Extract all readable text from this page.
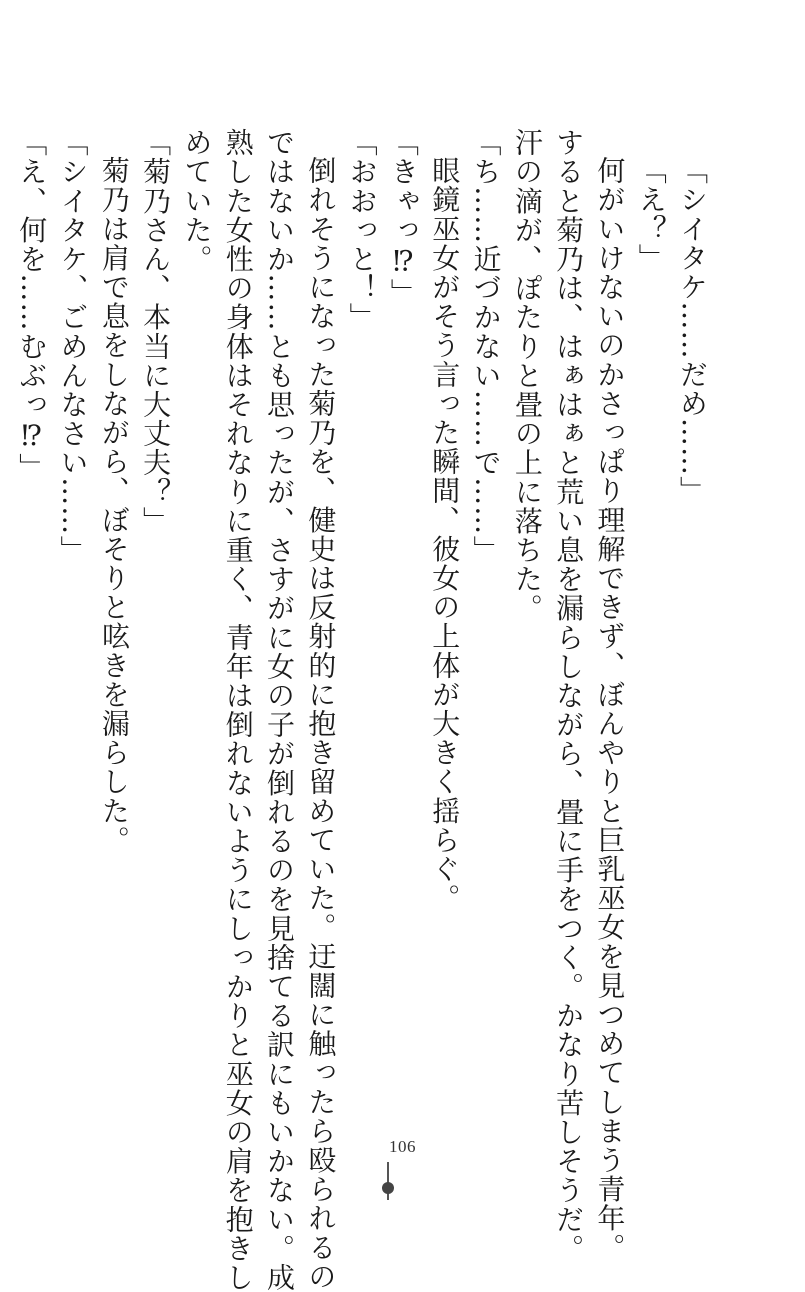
「シイタケ……だめ……」
「え？」
何がいけないのかさっぱり理解できず、ぼんやりと巨乳巫女を見つめてしまう青年。
すると菊乃は、はぁはぁと荒い息を漏らしながら、畳に手をつく。かなり苦しそうだ。
汗の滴が、ぽたりと畳の上に落ちた。
「ち……近づかない……で……」
眼鏡巫女がそう言った瞬間、彼女の上体が大きく揺らぐ。
「きゃっ⁉」
「おおっと！」
倒れそうになった菊乃を、健史は反射的に抱き留めていた。迂闊に触ったら殴られるの
ではないか……とも思ったが、さすがに女の子が倒れるのを見捨てる訳にもいかない。成
熟した女性の身体はそれなりに重く、青年は倒れないようにしっかりと巫女の肩を抱きし
めていた。
「菊乃さん、本当に大丈夫？」
菊乃は肩で息をしながら、ぼそりと呟きを漏らした。
「シイタケ、ごめんなさい……」
「え、何を……むぶっ⁉」
106
